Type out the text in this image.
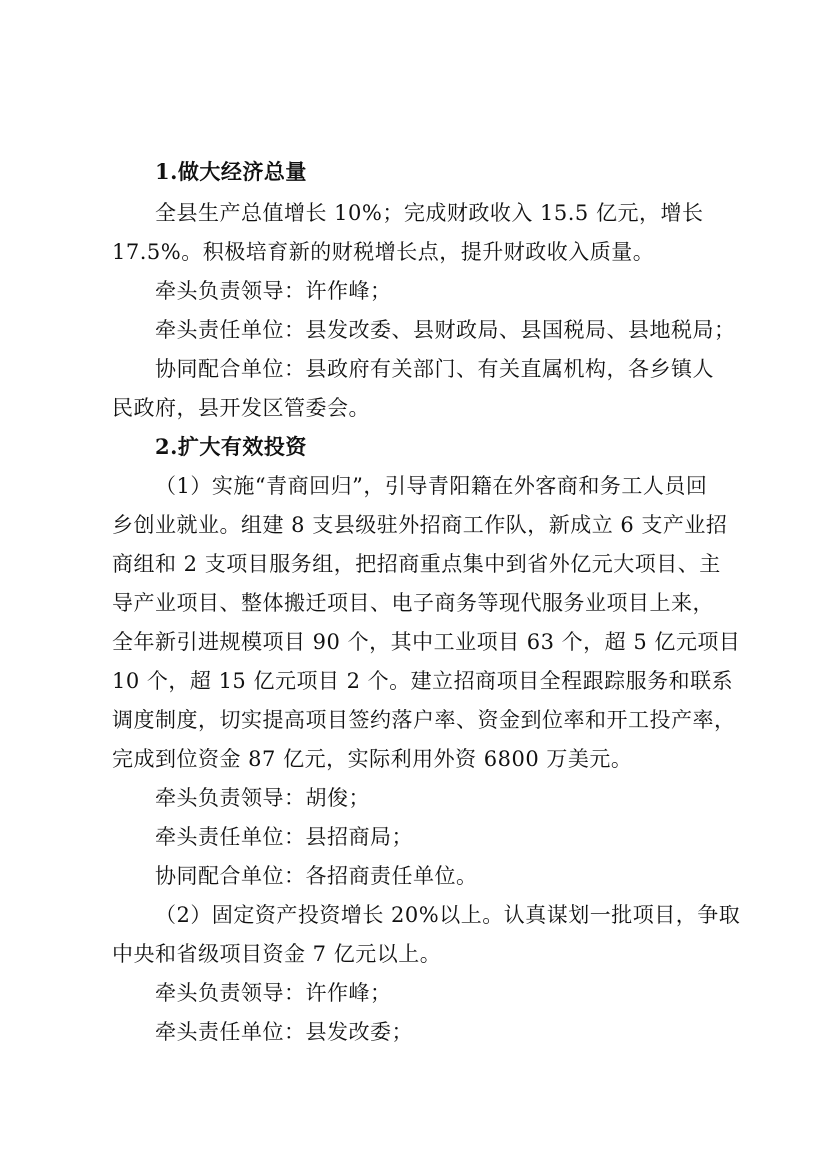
1.做大经济总量
全县生产总值增长 10%；完成财政收入 15.5 亿元，增长
17.5%。积极培育新的财税增长点，提升财政收入质量。
牵头负责领导：许作峰；
牵头责任单位：县发改委、县财政局、县国税局、县地税局；
协同配合单位：县政府有关部门、有关直属机构，各乡镇人
民政府，县开发区管委会。
2.扩大有效投资
（1）实施“青商回归”，引导青阳籍在外客商和务工人员回
乡创业就业。组建 8 支县级驻外招商工作队，新成立 6 支产业招
商组和 2 支项目服务组，把招商重点集中到省外亿元大项目、主
导产业项目、整体搬迁项目、电子商务等现代服务业项目上来，
全年新引进规模项目 90 个，其中工业项目 63 个，超 5 亿元项目
10 个，超 15 亿元项目 2 个。建立招商项目全程跟踪服务和联系
调度制度，切实提高项目签约落户率、资金到位率和开工投产率，
完成到位资金 87 亿元，实际利用外资 6800 万美元。
牵头负责领导：胡俊；
牵头责任单位：县招商局；
协同配合单位：各招商责任单位。
（2）固定资产投资增长 20%以上。认真谋划一批项目，争取
中央和省级项目资金 7 亿元以上。
牵头负责领导：许作峰；
牵头责任单位：县发改委；
